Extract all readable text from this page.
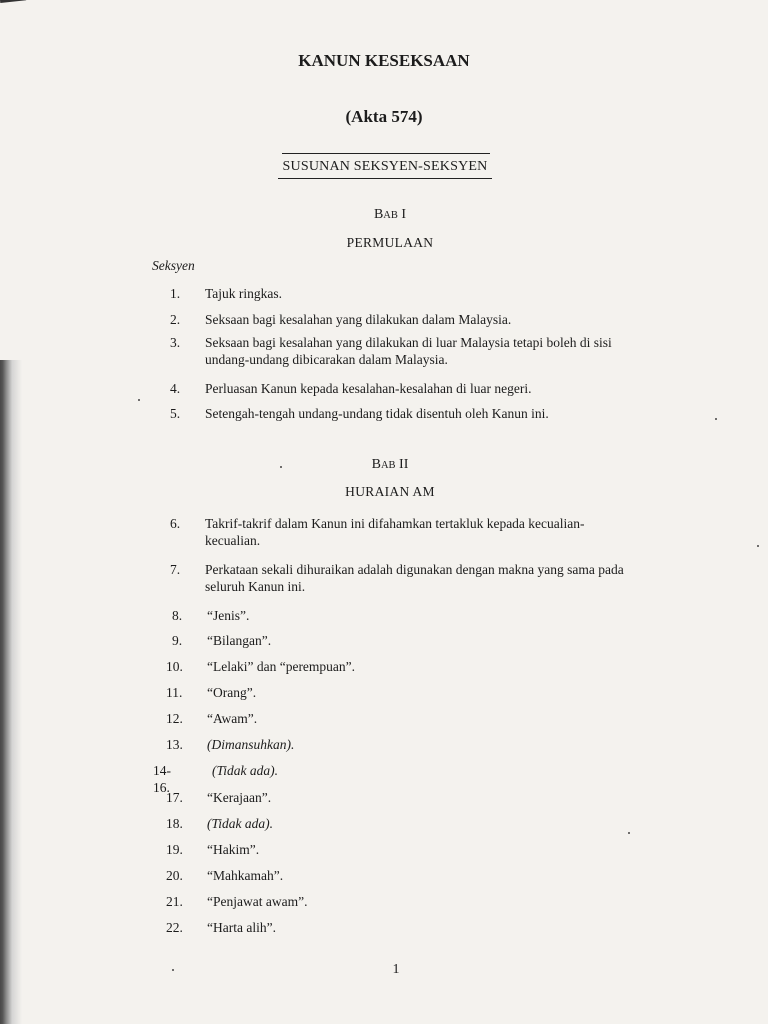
KANUN KESEKSAAN
(Akta 574)
SUSUNAN SEKSYEN-SEKSYEN
BAB I
PERMULAAN
Seksyen
1. Tajuk ringkas.
2. Seksaan bagi kesalahan yang dilakukan dalam Malaysia.
3. Seksaan bagi kesalahan yang dilakukan di luar Malaysia tetapi boleh di sisi undang-undang dibicarakan dalam Malaysia.
4. Perluasan Kanun kepada kesalahan-kesalahan di luar negeri.
5. Setengah-tengah undang-undang tidak disentuh oleh Kanun ini.
BAB II
HURAIAN AM
6. Takrif-takrif dalam Kanun ini difahamkan tertakluk kepada kecualian-kecualian.
7. Perkataan sekali dihuraikan adalah digunakan dengan makna yang sama pada seluruh Kanun ini.
8. “Jenis”.
9. “Bilangan”.
10. “Lelaki” dan “perempuan”.
11. “Orang”.
12. “Awam”.
13. (Dimansuhkan).
14-16.
(Tidak ada).
17. “Kerajaan”.
18. (Tidak ada).
19. “Hakim”.
20. “Mahkamah”.
21. “Penjawat awam”.
22. “Harta alih”.
1
